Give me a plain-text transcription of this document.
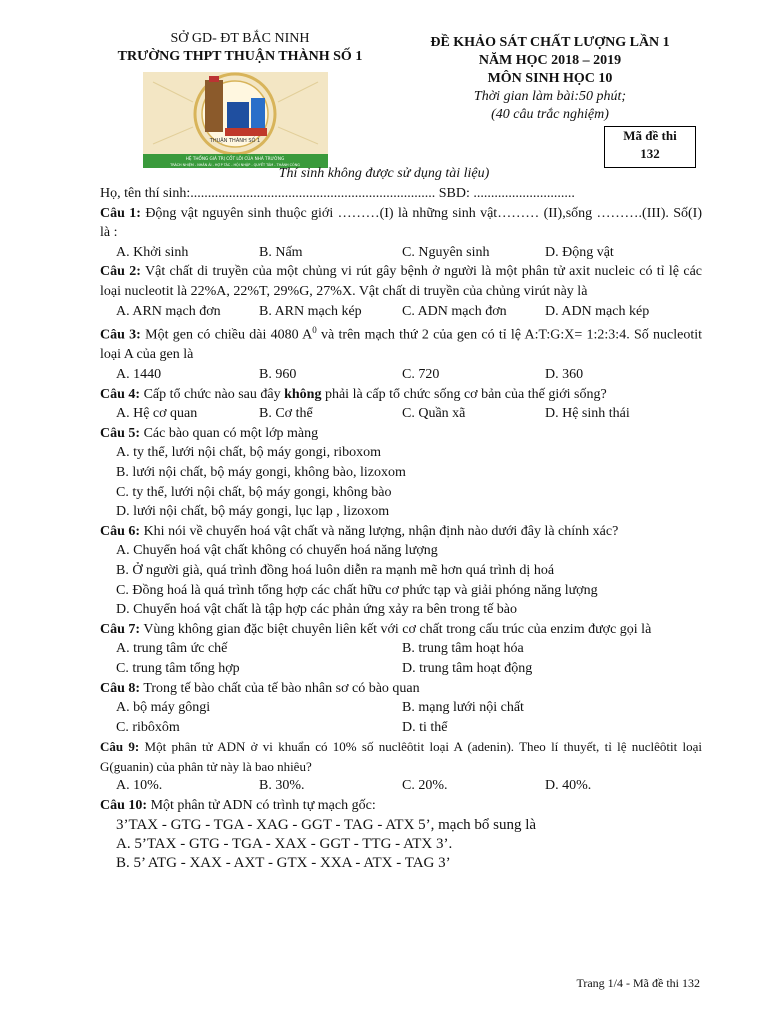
SỞ GD- ĐT BẮC NINH
TRƯỜNG THPT THUẬN THÀNH SỐ 1
THUẬN THÀNH SỐ 1
HỆ THỐNG GIÁ TRỊ CỐT LÕI CỦA NHÀ TRƯỜNG
TRÁCH NHIỆM - NHÂN ÁI - HỢP TÁC - HỘI NHẬP - QUYẾT TÂM - THÀNH CÔNG
ĐỀ KHẢO SÁT CHẤT LƯỢNG LẦN 1
NĂM HỌC 2018 – 2019
MÔN SINH HỌC 10
Thời gian làm bài:50 phút;
(40 câu trắc nghiệm)
Mã đề thi
132
Thí sinh không được sử dụng tài liệu)

Họ, tên thí sinh:...................................................................... SBD: .............................

Câu 1: Động vật nguyên sinh thuộc giới ………(I) là những sinh vật……… (II),sống ……….(III). Số(I) là :

A. Khởi sinh	B. Nấm	C. Nguyên sinh	D. Động vật

Câu 2: Vật chất di truyền của một chủng vi rút gây bệnh ở người là một phân tử axit nucleic có tỉ lệ các loại nucleotit là 22%A, 22%T, 29%G, 27%X. Vật chất di truyền của chủng virút này là

A. ARN mạch đơn	B. ARN mạch kép	C. ADN mạch đơn	D. ADN mạch kép

Câu 3: Một gen có chiều dài 4080 $A^0$ và trên mạch thứ 2 của gen có tỉ lệ A:T:G:X= 1:2:3:4. Số nucleotit loại A của gen là

A. 1440	B. 960	C. 720	D. 360

Câu 4: Cấp tổ chức nào sau đây không phải là cấp tổ chức sống cơ bản của thế giới sống?

A. Hệ cơ quan	B. Cơ thể	C. Quần xã	D. Hệ sinh thái

Câu 5: Các bào quan có một lớp màng

A. ty thể, lưới nội chất, bộ máy gongi, riboxom
B. lưới nội chất, bộ máy gongi, không bào, lizoxom
C. ty thể, lưới nội chất, bộ máy gongi, không bào
D. lưới nội chất, bộ máy gongi, lục lạp , lizoxom

Câu 6: Khi nói về chuyển hoá vật chất và năng lượng, nhận định nào dưới đây là chính xác?

A. Chuyển hoá vật chất không có chuyển hoá năng lượng
B. Ở người già, quá trình đồng hoá luôn diễn ra mạnh mẽ hơn quá trình dị hoá
C. Đồng hoá là quá trình tổng hợp các chất hữu cơ phức tạp và giải phóng năng lượng
D. Chuyển hoá vật chất là tập hợp các phản ứng xảy ra bên trong tế bào

Câu 7: Vùng không gian đặc biệt chuyên liên kết với cơ chất trong cấu trúc của enzim được gọi là

A. trung tâm ức chế	B. trung tâm hoạt hóa
C. trung tâm tổng hợp	D. trung tâm hoạt động

Câu 8: Trong tế bào chất của tế bào nhân sơ có bào quan

A. bộ máy gôngi	B. mạng lưới nội chất
C. ribôxôm	D. ti thể

Câu 9: Một phân tử ADN ở vi khuẩn có 10% số nuclêôtit loại A (adenin). Theo lí thuyết, tỉ lệ nuclêôtit loại G(guanin) của phân tử này là bao nhiêu?

A. 10%.	B. 30%.	C. 20%.	D. 40%.

Câu 10: Một phân tử ADN có trình tự mạch gốc:

3’TAX - GTG - TGA - XAG - GGT - TAG - ATX 5’, mạch bổ sung là
A. 5’TAX - GTG - TGA - XAX - GGT - TTG - ATX 3’.
B. 5’ ATG - XAX - AXT - GTX - XXA - ATX - TAG 3’
Trang 1/4 - Mã đề thi 132
